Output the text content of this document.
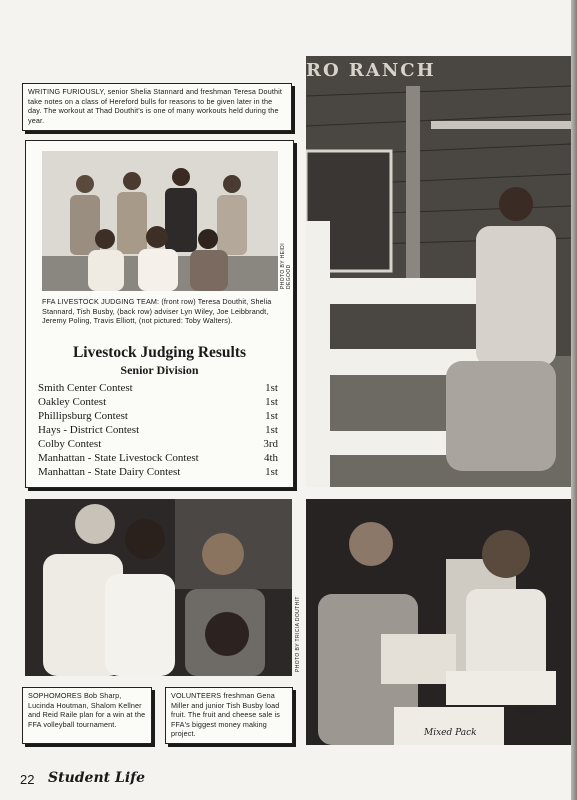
WRITING FURIOUSLY, senior Shelia Stannard and freshman Teresa Douthit take notes on a class of Hereford bulls for reasons to be given later in the day. The workout at Thad Douthit's is one of many workouts held during the year.
PHOTO BY HEIDI DEGOOD
FFA LIVESTOCK JUDGING TEAM: (front row) Teresa Douthit, Shelia Stannard, Tish Busby, (back row) adviser Lyn Wiley, Joe Leibbrandt, Jeremy Poling, Travis Elliott, (not pictured: Toby Walters).
Livestock Judging Results
Senior Division
Smith Center Contest	1st
Oakley Contest	1st
Phillipsburg Contest	1st
Hays - District Contest	1st
Colby Contest	3rd
Manhattan - State Livestock Contest	4th
Manhattan - State Dairy Contest	1st
RO RANCH
PHOTO BY TRICIA DOUTHIT
Mixed Pack
Pack
SOPHOMORES Bob Sharp, Lucinda Houtman, Shalom Kellner and Reid Raile plan for a win at the FFA volleyball tournament.
VOLUNTEERS freshman Gena Miller and junior Tish Busby load fruit. The fruit and cheese sale is FFA's biggest money making project.
22 Student Life
